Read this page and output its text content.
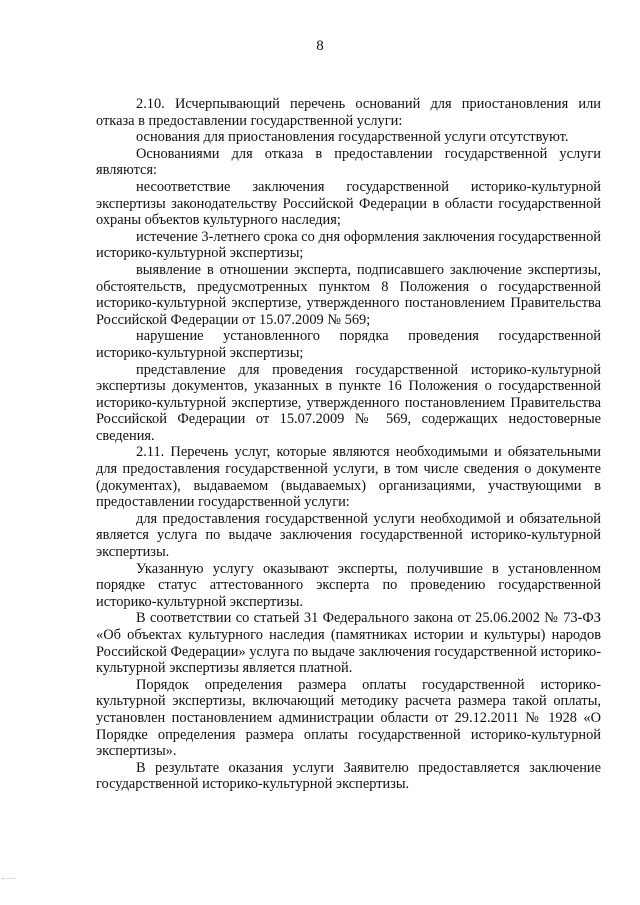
8

2.10. Исчерпывающий перечень оснований для приостановления или отказа в предоставлении государственной услуги:

основания для приостановления государственной услуги отсутствуют.

Основаниями для отказа в предоставлении государственной услуги являются:

несоответствие заключения государственной историко-культурной экспертизы законодательству Российской Федерации в области государственной охраны объектов культурного наследия;

истечение 3-летнего срока со дня оформления заключения государственной историко-культурной экспертизы;

выявление в отношении эксперта, подписавшего заключение экспертизы, обстоятельств, предусмотренных пунктом 8 Положения о государственной историко-культурной экспертизе, утвержденного постановлением Правительства Российской Федерации от 15.07.2009 № 569;

нарушение установленного порядка проведения государственной историко-культурной экспертизы;

представление для проведения государственной историко-культурной экспертизы документов, указанных в пункте 16 Положения о государственной историко-культурной экспертизе, утвержденного постановлением Правительства Российской Федерации от 15.07.2009 № 569, содержащих недостоверные сведения.

2.11. Перечень услуг, которые являются необходимыми и обязательными для предоставления государственной услуги, в том числе сведения о документе (документах), выдаваемом (выдаваемых) организациями, участвующими в предоставлении государственной услуги:

для предоставления государственной услуги необходимой и обязательной является услуга по выдаче заключения государственной историко-культурной экспертизы.

Указанную услугу оказывают эксперты, получившие в установленном порядке статус аттестованного эксперта по проведению государственной историко-культурной экспертизы.

В соответствии со статьей 31 Федерального закона от 25.06.2002 № 73-ФЗ «Об объектах культурного наследия (памятниках истории и культуры) народов Российской Федерации» услуга по выдаче заключения государственной историко-культурной экспертизы является платной.

Порядок определения размера оплаты государственной историко-культурной экспертизы, включающий методику расчета размера такой оплаты, установлен постановлением администрации области от 29.12.2011 № 1928 «О Порядке определения размера оплаты государственной историко-культурной экспертизы».

В результате оказания услуги Заявителю предоставляется заключение государственной историко-культурной экспертизы.
